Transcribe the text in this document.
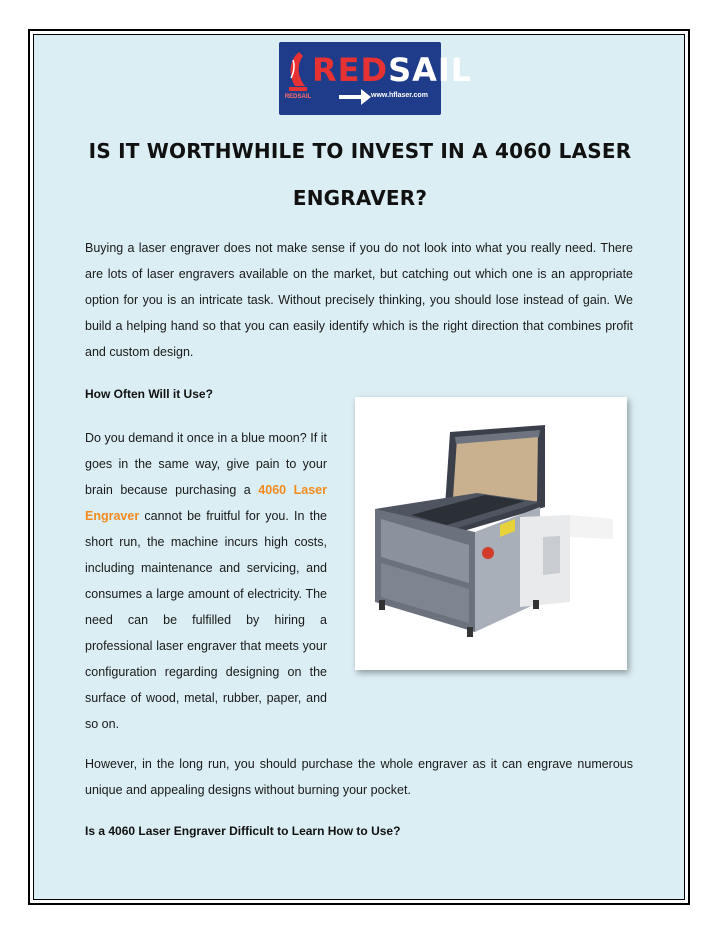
REDSAIL
REDSAIL	www.hflaser.com
IS IT WORTHWHILE TO INVEST IN A 4060 LASER
ENGRAVER?

Buying a laser engraver does not make sense if you do not look into what you really need. There are lots of laser engravers available on the market, but catching out which one is an appropriate option for you is an intricate task. Without precisely thinking, you should lose instead of gain. We build a helping hand so that you can easily identify which is the right direction that combines profit and custom design.

How Often Will it Use?

Do you demand it once in a blue moon? If it goes in the same way, give pain to your brain because purchasing a 4060 Laser Engraver cannot be fruitful for you. In the short run, the machine incurs high costs, including maintenance and servicing, and consumes a large amount of electricity. The need can be fulfilled by hiring a professional laser engraver that meets your configuration regarding designing on the surface of wood, metal, rubber, paper, and so on.

However, in the long run, you should purchase the whole engraver as it can engrave numerous unique and appealing designs without burning your pocket.

Is a 4060 Laser Engraver Difficult to Learn How to Use?
